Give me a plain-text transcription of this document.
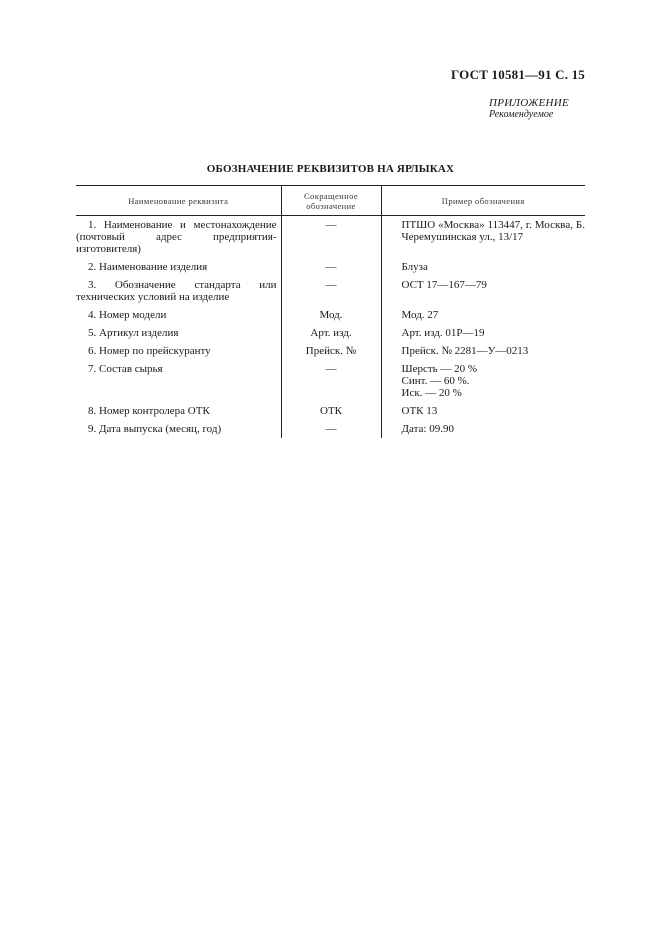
ГОСТ 10581—91 С. 15
ПРИЛОЖЕНИЕ
Рекомендуемое
ОБОЗНАЧЕНИЕ РЕКВИЗИТОВ НА ЯРЛЫКАХ
Наименование реквизита	Сокращенное обозначение	Пример обозначения

1. Наименование и местонахождение (почтовый адрес предприятия-изготовителя)	—	ПТШО «Москва» 113447, г. Москва, Б. Черемушинская ул., 13/17

2. Наименование изделия	—	Блуза

3. Обозначение стандарта или технических условий на изделие	—	ОСТ 17—167—79

4. Номер модели	Мод.	Мод. 27

5. Артикул изделия	Арт. изд.	Арт. изд. 01Р—19

6. Номер по прейскуранту	Прейск. №	Прейск. № 2281—У—0213

7. Состав сырья	—	Шерсть — 20 %
Синт. — 60 %.
Иск. — 20 %

8. Номер контролера ОТК	ОТК	ОТК 13

9. Дата выпуска (месяц, год)	—	Дата: 09.90
